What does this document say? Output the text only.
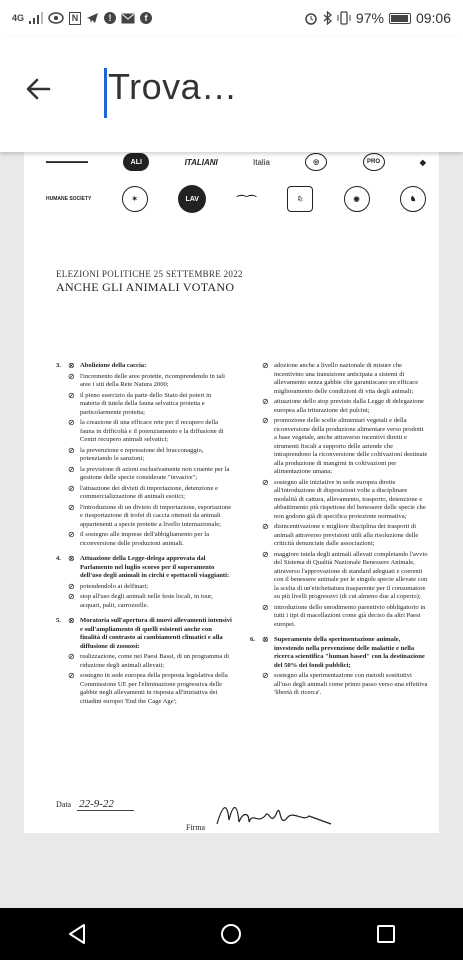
4G	N	!	f	97% 09:06
Trova…
▬▬▬▬▬▬▬	ALI	ITALIANI	Italia	◎	PRO	◆
HUMANE SOCIETY	✶	LAV	⌒⌒	♘	◉	♞
ELEZIONI POLITICHE 25 SETTEMBRE 2022
ANCHE GLI ANIMALI VOTANO
3. ⊗ Abolizione della caccia:
⊘ l'incremento delle aree protette, ricomprendendo in tali aree i siti della Rete Natura 2000;
⊘ il pieno esercizio da parte dello Stato dei poteri in materia di tutela della fauna selvatica protetta e particolarmente protetta;
⊘ la creazione di una efficace rete per il recupero della fauna in difficoltà e il potenziamento e la diffusione di Centri recupero animali selvatici;
⊘ la prevenzione e repressione del bracconaggio, potenziando le sanzioni;
⊘ la previsione di azioni esclusivamente non cruente per la gestione delle specie considerate "invasive";
⊘ l'attuazione dei divieti di importazione, detenzione e commercializzazione di animali esotici;
⊘ l'introduzione di un divieto di importazione, esportazione e riesportazione di trofei di caccia ottenuti da animali appartenenti a specie protette a livello internazionale;
⊘ il sostegno alle imprese dell'abbigliamento per la riconversione delle produzioni animali.
4. ⊗ Attuazione della Legge-delega approvata dal Parlamento nel luglio scorso per il superamento dell'uso degli animali in circhi e spettacoli viaggianti:
⊘ potendendolo ai delfinari;
⊘ stop all'uso degli animali nelle feste locali, in tour, acquari, palii, carrozzelle.
5. ⊗ Moratoria sull'apertura di nuovi allevamenti intensivi e sull'ampliamento di quelli esistenti anche con finalità di contrasto ai cambiamenti climatici e alla diffusione di zoonosi:
⊘ realizzazione, come nei Paesi Bassi, di un programma di riduzione degli animali allevati;
⊘ sostegno in sede europea della proposta legislativa della Commissione UE per l'eliminazione progressiva delle gabbie negli allevamenti in risposta all'iniziativa dei cittadini europei 'End the Cage Age';
⊘ adozione anche a livello nazionale di misure che incentivino una transizione anticipata a sistemi di allevamento senza gabbie che garantiscano un efficace miglioramento delle condizioni di vita degli animali;
⊘ attuazione dello stop previsto dalla Legge di delegazione europea alla triturazione dei pulcini;
⊘ promozione delle scelte alimentari vegetali e della riconversione della produzione alimentare verso prodotti a base vegetale, anche attraverso incentivi diretti e strumenti fiscali a supporto delle aziende che intraprendono la riconversione delle coltivazioni destinate alla produzione di mangimi in coltivazioni per alimentazione umana;
⊘ sostegno alle iniziative in sede europea dirette all'introduzione di disposizioni volte a disciplinare modalità di cattura, allevamento, trasporto, detenzione e abbattimento più rispettose del benessere delle specie che non godono già di specifica protezione normativa;
⊘ disincentivazione e migliore disciplina dei trasporti di animali attraverso previsioni utili alla risoluzione delle criticità denunciate dalle associazioni;
⊘ maggiore tutela degli animali allevati completando l'avvio del Sistema di Qualità Nazionale Benessere Animale, attraverso l'approvazione di standard adeguati e coerenti con il benessere animale per le singole specie allevate con la scelta di un'etichettatura trasparente per il consumatore su più livelli progressivi (di cui almeno due al coperto);
⊘ introduzione dello smodimento parentivio obbligatorio in tutti i tipi di macellazioni come già deciso da altri Paesi europei.
6. ⊗ Superamento della sperimentazione animale, investendo nella prevenzione delle malattie e nella ricerca scientifica "human based" con la destinazione del 50% dei fondi pubblici;
⊘ sostegno alla sperimentazione con metodi sostitutivi all'uso degli animali come primo passo verso una effettiva 'libertà di ricerca'.
Data 22-9-22
Firma
